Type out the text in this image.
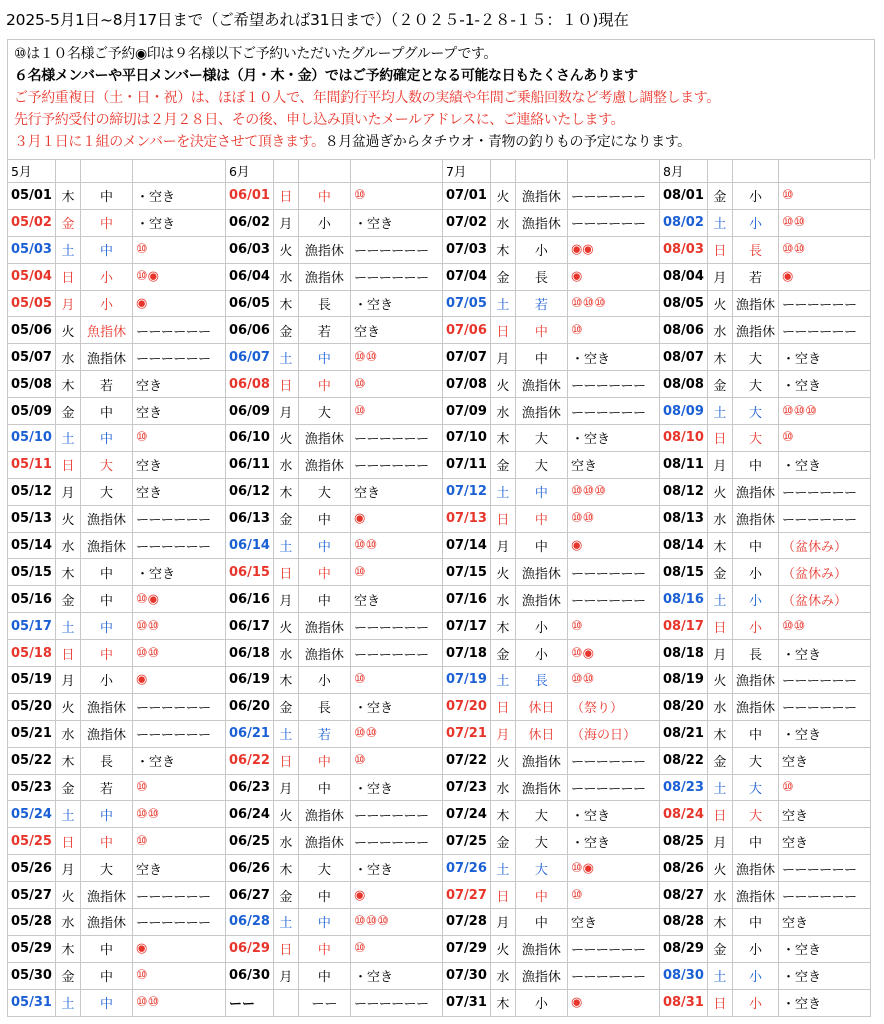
2025-5月1日~8月17日まで（ご希望あれば31日まで）（２０２５-1-２８-１５：１０)現在
⑩は１０名様ご予約◉印は９名様以下ご予約いただいたグループグループです。
６名様メンバーや平日メンバー様は（月・木・金）ではご予約確定となる可能な日もたくさんあります
ご予約重複日（土・日・祝）は、ほぼ１０人で、年間釣行平均人数の実績や年間ご乗船回数など考慮し調整します。
先行予約受付の締切は２月２８日、その後、申し込み頂いたメールアドレスに、ご連絡いたします。
３月１日に１組のメンバーを決定させて頂きます。８月盆過ぎからタチウオ・青物の釣りもの予定になります。
5月				6月				7月				8月			
05/01	木	中	・空き	06/01	日	中	⑩	07/01	火	漁指休	ーーーーーー	08/01	金	小	⑩
05/02	金	中	・空き	06/02	月	小	・空き	07/02	水	漁指休	ーーーーーー	08/02	土	小	⑩⑩
05/03	土	中	⑩	06/03	火	漁指休	ーーーーーー	07/03	木	小	◉◉	08/03	日	長	⑩⑩
05/04	日	小	⑩◉	06/04	水	漁指休	ーーーーーー	07/04	金	長	◉	08/04	月	若	◉
05/05	月	小	◉	06/05	木	長	・空き	07/05	土	若	⑩⑩⑩	08/05	火	漁指休	ーーーーーー
05/06	火	魚指休	ーーーーーー	06/06	金	若	空き	07/06	日	中	⑩	08/06	水	漁指休	ーーーーーー
05/07	水	漁指休	ーーーーーー	06/07	土	中	⑩⑩	07/07	月	中	・空き	08/07	木	大	・空き
05/08	木	若	空き	06/08	日	中	⑩	07/08	火	漁指休	ーーーーーー	08/08	金	大	・空き
05/09	金	中	空き	06/09	月	大	⑩	07/09	水	漁指休	ーーーーーー	08/09	土	大	⑩⑩⑩
05/10	土	中	⑩	06/10	火	漁指休	ーーーーーー	07/10	木	大	・空き	08/10	日	大	⑩
05/11	日	大	空き	06/11	水	漁指休	ーーーーーー	07/11	金	大	空き	08/11	月	中	・空き
05/12	月	大	空き	06/12	木	大	空き	07/12	土	中	⑩⑩⑩	08/12	火	漁指休	ーーーーーー
05/13	火	漁指休	ーーーーーー	06/13	金	中	◉	07/13	日	中	⑩⑩	08/13	水	漁指休	ーーーーーー
05/14	水	漁指休	ーーーーーー	06/14	土	中	⑩⑩	07/14	月	中	◉	08/14	木	中	（盆休み）
05/15	木	中	・空き	06/15	日	中	⑩	07/15	火	漁指休	ーーーーーー	08/15	金	小	（盆休み）
05/16	金	中	⑩◉	06/16	月	中	空き	07/16	水	漁指休	ーーーーーー	08/16	土	小	（盆休み）
05/17	土	中	⑩⑩	06/17	火	漁指休	ーーーーーー	07/17	木	小	⑩	08/17	日	小	⑩⑩
05/18	日	中	⑩⑩	06/18	水	漁指休	ーーーーーー	07/18	金	小	⑩◉	08/18	月	長	・空き
05/19	月	小	◉	06/19	木	小	⑩	07/19	土	長	⑩⑩	08/19	火	漁指休	ーーーーーー
05/20	火	漁指休	ーーーーーー	06/20	金	長	・空き	07/20	日	休日	（祭り）	08/20	水	漁指休	ーーーーーー
05/21	水	漁指休	ーーーーーー	06/21	土	若	⑩⑩	07/21	月	休日	（海の日）	08/21	木	中	・空き
05/22	木	長	・空き	06/22	日	中	⑩	07/22	火	漁指休	ーーーーーー	08/22	金	大	空き
05/23	金	若	⑩	06/23	月	中	・空き	07/23	水	漁指休	ーーーーーー	08/23	土	大	⑩
05/24	土	中	⑩⑩	06/24	火	漁指休	ーーーーーー	07/24	木	大	・空き	08/24	日	大	空き
05/25	日	中	⑩	06/25	水	漁指休	ーーーーーー	07/25	金	大	・空き	08/25	月	中	空き
05/26	月	大	空き	06/26	木	大	・空き	07/26	土	大	⑩◉	08/26	火	漁指休	ーーーーーー
05/27	火	漁指休	ーーーーーー	06/27	金	中	◉	07/27	日	中	⑩	08/27	水	漁指休	ーーーーーー
05/28	水	漁指休	ーーーーーー	06/28	土	中	⑩⑩⑩	07/28	月	中	空き	08/28	木	中	空き
05/29	木	中	◉	06/29	日	中	⑩	07/29	火	漁指休	ーーーーーー	08/29	金	小	・空き
05/30	金	中	⑩	06/30	月	中	・空き	07/30	水	漁指休	ーーーーーー	08/30	土	小	・空き
05/31	土	中	⑩⑩	ーー		ーー	ーーーーーー	07/31	木	小	◉	08/31	日	小	・空き
